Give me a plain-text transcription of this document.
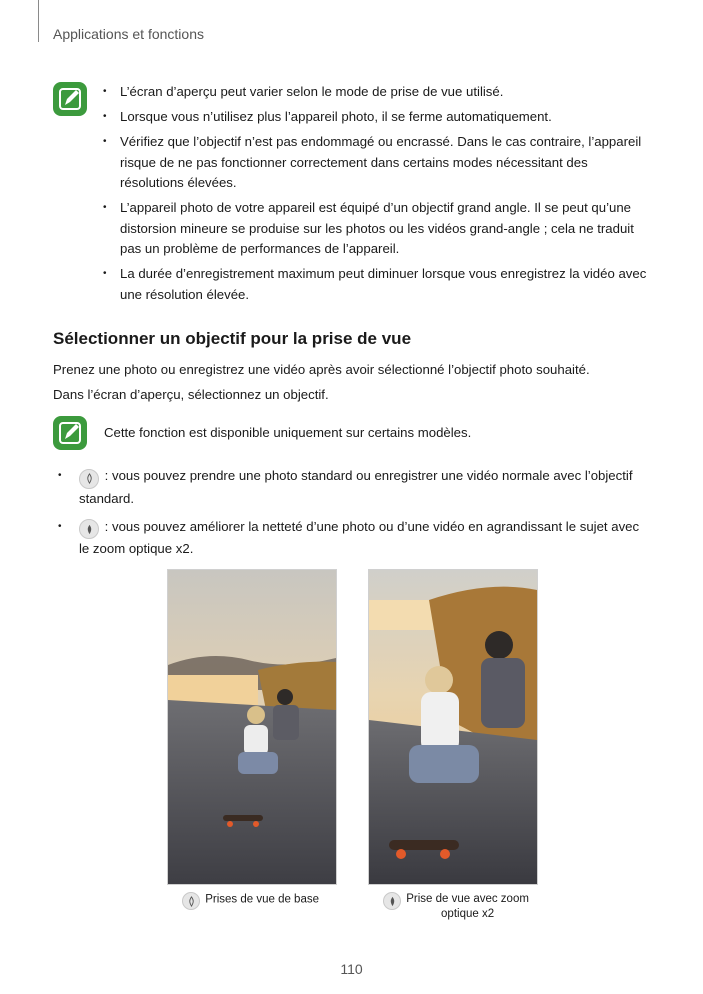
Applications et fonctions
• L’écran d’aperçu peut varier selon le mode de prise de vue utilisé.
• Lorsque vous n’utilisez plus l’appareil photo, il se ferme automatiquement.
• Vérifiez que l’objectif n’est pas endommagé ou encrassé. Dans le cas contraire, l’appareil risque de ne pas fonctionner correctement dans certains modes nécessitant des résolutions élevées.
• L’appareil photo de votre appareil est équipé d’un objectif grand angle. Il se peut qu’une distorsion mineure se produise sur les photos ou les vidéos grand-angle ; cela ne traduit pas un problème de performances de l’appareil.
• La durée d’enregistrement maximum peut diminuer lorsque vous enregistrez la vidéo avec une résolution élevée.
Sélectionner un objectif pour la prise de vue
Prenez une photo ou enregistrez une vidéo après avoir sélectionné l’objectif photo souhaité.
Dans l’écran d’aperçu, sélectionnez un objectif.
Cette fonction est disponible uniquement sur certains modèles.
• : vous pouvez prendre une photo standard ou enregistrer une vidéo normale avec l’objectif standard.
• : vous pouvez améliorer la netteté d’une photo ou d’une vidéo en agrandissant le sujet avec le zoom optique x2.
Prises de vue de base	Prise de vue avec zoom
optique x2
110
